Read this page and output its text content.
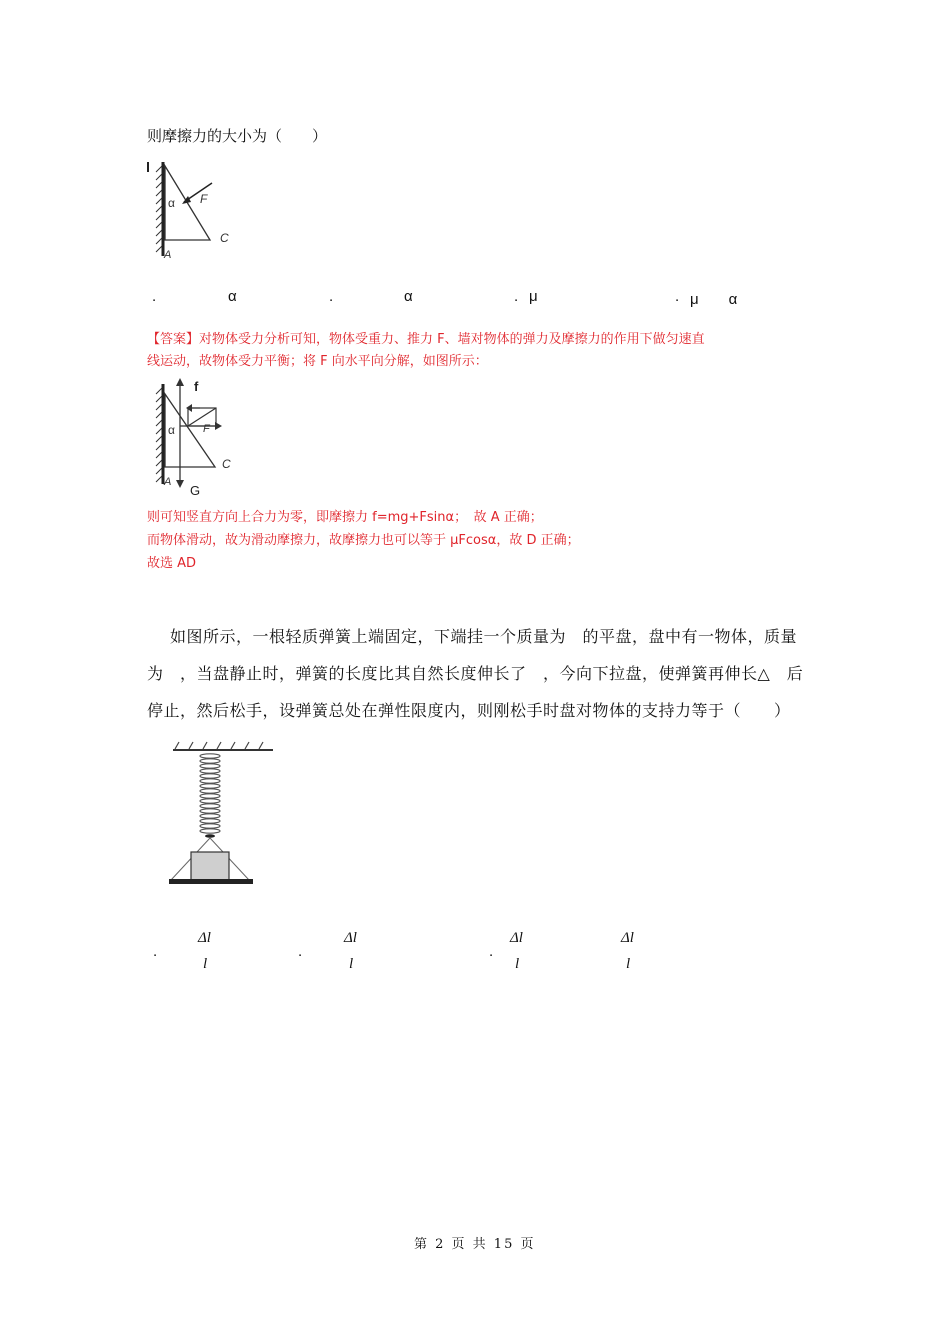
则摩擦力的大小为（　　）
α F
A
C
.	α	.	α	. μ	. μ　　α
【答案】对物体受力分析可知，物体受重力、推力 F、墙对物体的弹力及摩擦力的作用下做匀速直
线运动，故物体受力平衡；将 F 向水平向分解，如图所示：
f
α	F
A
C
G
则可知竖直方向上合力为零，即摩擦力 f=mg+Fsinα；　故 A 正确；
而物体滑动，故为滑动摩擦力，故摩擦力也可以等于 μFcosα，故 D 正确；
故选 AD
如图所示，一根轻质弹簧上端固定，下端挂一个质量为　的平盘，盘中有一物体，质量
为　，当盘静止时，弹簧的长度比其自然长度伸长了　，今向下拉盘，使弹簧再伸长△　后
停止，然后松手，设弹簧总处在弹性限度内，则刚松手时盘对物体的支持力等于（　　）
.
Δl
l
.
Δl
l
.
Δl
l
Δl
l
第 2 页 共 15 页
